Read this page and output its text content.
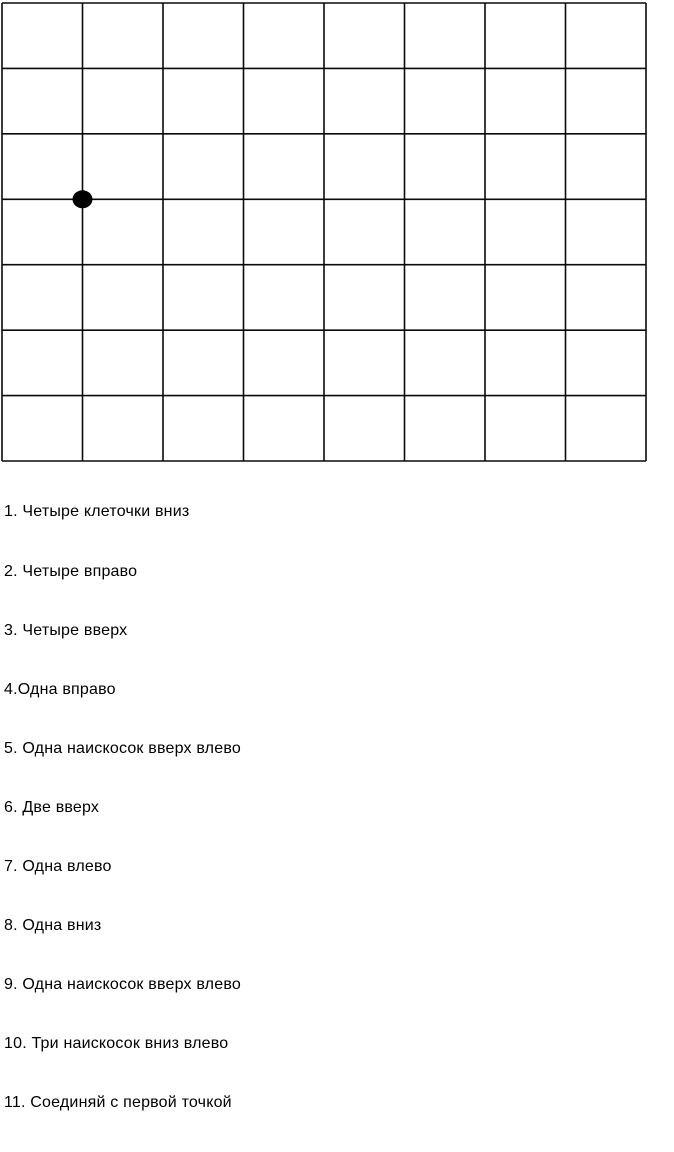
1. Четыре клеточки вниз

2. Четыре вправо

3. Четыре вверх

4.Одна вправо

5. Одна наискосок вверх влево

6. Две вверх

7. Одна влево

8. Одна вниз

9. Одна наискосок вверх влево

10. Три наискосок вниз влево

11. Соединяй с первой точкой
